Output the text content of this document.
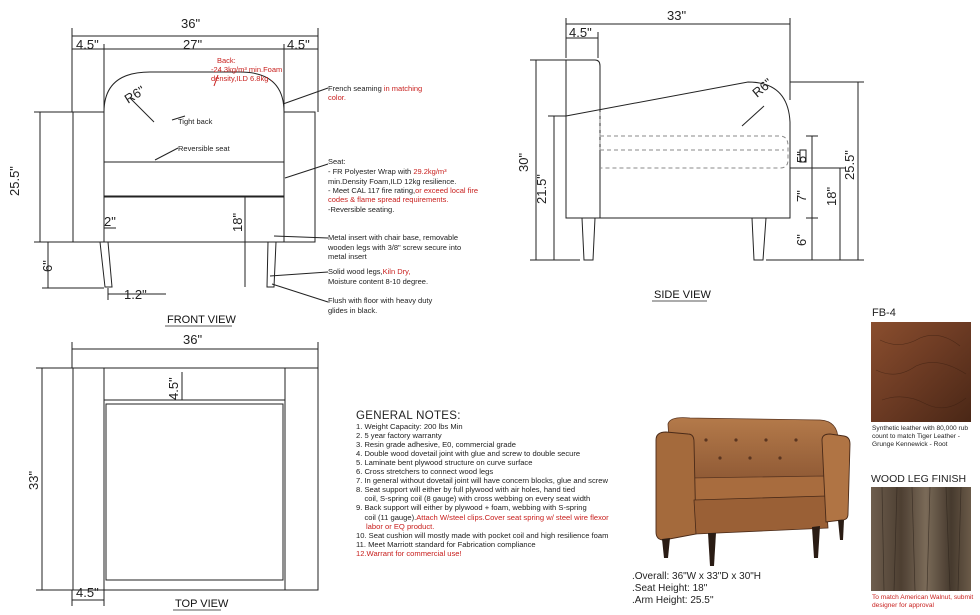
36"
4.5"	27"	4.5"
25.5"
6"
1.2"
2"	18"
R6"
Tight back
Reversible seat
FRONT VIEW
Back:
-24.3kg/m³ min.Foam
density,ILD 6.8kg .
French seaming in matching
color.
Seat:
- FR Polyester Wrap with 29.2kg/m³
min.Density Foam,ILD 12kg resilience.
- Meet CAL 117 fire rating,or exceed local fire
codes & flame spread requirements.
-Reversible seating.
Metal insert with chair base, removable
wooden legs with 3/8" screw secure into
metal insert
Solid wood legs,Kiln Dry,
Moisture content 8-10 degree.
Flush with floor with heavy duty
glides in black.
33"
4.5"
R6"
30"
21.5"
5"
7"
6"
18"
25.5"
SIDE VIEW
36"
4.5"
33"
4.5"
TOP VIEW
GENERAL NOTES:
1. Weight Capacity: 200 lbs Min
2. 5 year factory warranty
3. Resin grade adhesive, E0, commercial grade
4. Double wood dovetail joint with glue and screw to double secure
5. Laminate bent plywood structure on curve surface
6. Cross stretchers to connect wood legs
7. In general without dovetail joint will have concern blocks, glue and screw
8. Seat support will either by full plywood with air holes, hand tied
coil, S-spring coil (8 gauge) with cross webbing on every seat width
9. Back support will either by plywood + foam, webbing with S-spring
coil (11 gauge).Attach W/steel clips.Cover seat spring w/ steel wire flexor
labor or EQ product.
10. Seat cushion will mostly made with pocket coil and high resilience foam
11. Meet Marriott standard for Fabrication compliance
12.Warrant for commercial use!
.Overall: 36"W x 33"D x 30"H
.Seat Height: 18"
.Arm Height: 25.5''
FB-4
Synthetic leather with 80,000 rub count to match Tiger Leather - Grunge Kennewick - Root
WOOD LEG FINISH
To match American Walnut, submit designer for approval
